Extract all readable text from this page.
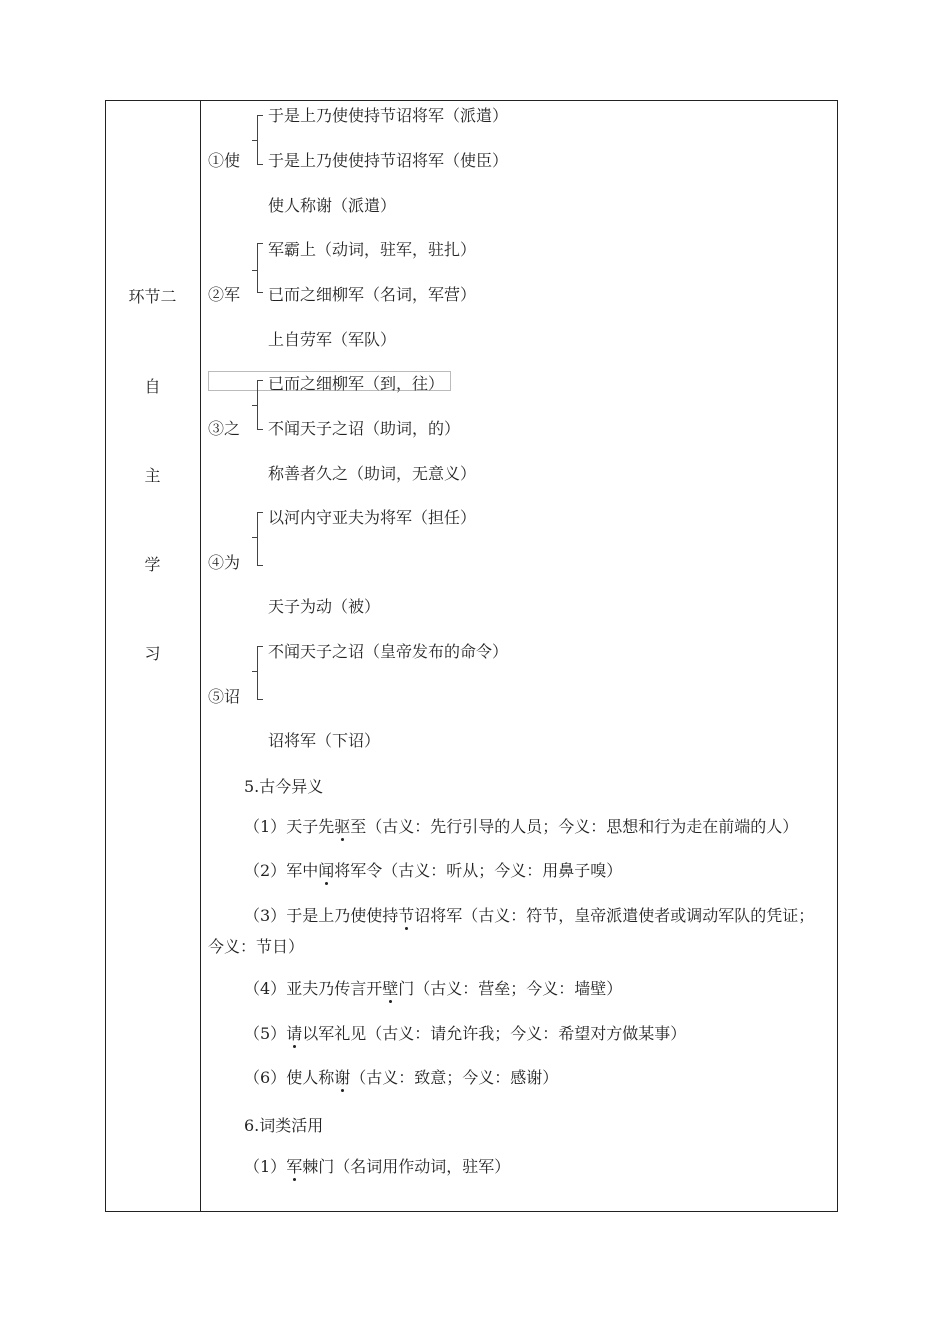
环节二
自
主
学
习
①使
于是上乃使使持节诏将军（派遣）
于是上乃使使持节诏将军（使臣）
使人称谢（派遣）
②军
军霸上（动词，驻军，驻扎）
已而之细柳军（名词，军营）
上自劳军（军队）
③之
已而之细柳军（到，往）
不闻天子之诏（助词，的）
称善者久之（助词，无意义）
④为
以河内守亚夫为将军（担任）
天子为动（被）
⑤诏
不闻天子之诏（皇帝发布的命令）
诏将军（下诏）
5.古今异义
（1）天子先驱至（古义：先行引导的人员；今义：思想和行为走在前端的人）
（2）军中闻将军令（古义：听从；今义：用鼻子嗅）
（3）于是上乃使使持节诏将军（古义：符节，皇帝派遣使者或调动军队的凭证；
今义：节日）
（4）亚夫乃传言开壁门（古义：营垒；今义：墙壁）
（5）请以军礼见（古义：请允许我；今义：希望对方做某事）
（6）使人称谢（古义：致意；今义：感谢）
6.词类活用
（1）军棘门（名词用作动词，驻军）
